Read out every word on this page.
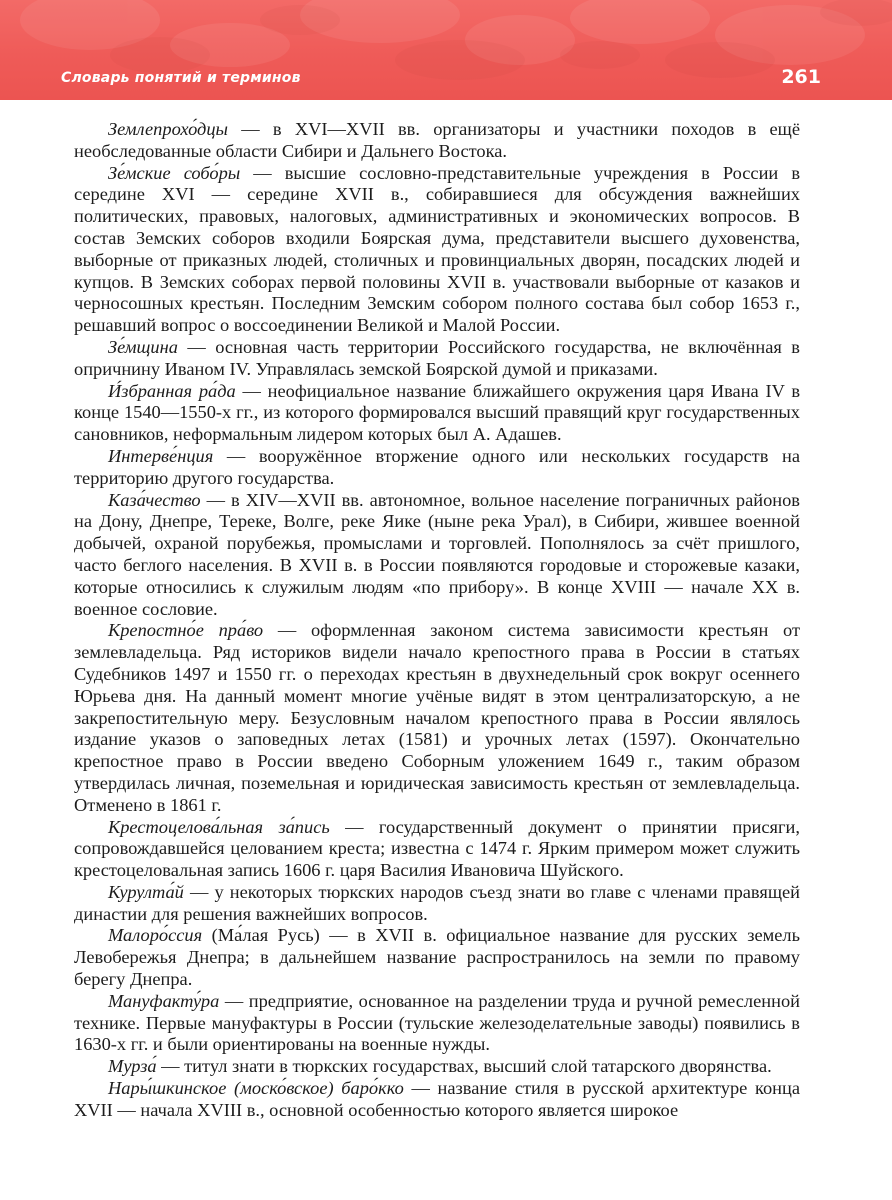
Словарь понятий и терминов	261

Землепрохо́дцы — в XVI—XVII вв. организаторы и участники походов в ещё необследованные области Сибири и Дальнего Востока.

Зе́мские собо́ры — высшие сословно-представительные учреждения в России в середине XVI — середине XVII в., собиравшиеся для обсуждения важнейших политических, правовых, налоговых, административных и экономических вопросов. В состав Земских соборов входили Боярская дума, представители высшего духовенства, выборные от приказных людей, столичных и провинциальных дворян, посадских людей и купцов. В Земских соборах первой половины XVII в. участвовали выборные от казаков и черносошных крестьян. Последним Земским собором полного состава был собор 1653 г., решавший вопрос о воссоединении Великой и Малой России.

Зе́мщина — основная часть территории Российского государства, не включённая в опричнину Иваном IV. Управлялась земской Боярской думой и приказами.

И́збранная ра́да — неофициальное название ближайшего окружения царя Ивана IV в конце 1540—1550-х гг., из которого формировался высший правящий круг государственных сановников, неформальным лидером которых был А. Адашев.

Интерве́нция — вооружённое вторжение одного или нескольких государств на территорию другого государства.

Каза́чество — в XIV—XVII вв. автономное, вольное население пограничных районов на Дону, Днепре, Тереке, Волге, реке Яике (ныне река Урал), в Сибири, жившее военной добычей, охраной порубежья, промыслами и торговлей. Пополнялось за счёт пришлого, часто беглого населения. В XVII в. в России появляются городовые и сторожевые казаки, которые относились к служилым людям «по прибору». В конце XVIII — начале XX в. военное сословие.

Крепостно́е пра́во — оформленная законом система зависимости крестьян от землевладельца. Ряд историков видели начало крепостного права в России в статьях Судебников 1497 и 1550 гг. о переходах крестьян в двухнедельный срок вокруг осеннего Юрьева дня. На данный момент многие учёные видят в этом централизаторскую, а не закрепостительную меру. Безусловным началом крепостного права в России являлось издание указов о заповедных летах (1581) и урочных летах (1597). Окончательно крепостное право в России введено Соборным уложением 1649 г., таким образом утвердилась личная, поземельная и юридическая зависимость крестьян от землевладельца. Отменено в 1861 г.

Крестоцелова́льная за́пись — государственный документ о принятии присяги, сопровождавшейся целованием креста; известна с 1474 г. Ярким примером может служить крестоцеловальная запись 1606 г. царя Василия Ивановича Шуйского.

Курулта́й — у некоторых тюркских народов съезд знати во главе с членами правящей династии для решения важнейших вопросов.

Малоро́ссия (Ма́лая Русь) — в XVII в. официальное название для русских земель Левобережья Днепра; в дальнейшем название распространилось на земли по правому берегу Днепра.

Мануфакту́ра — предприятие, основанное на разделении труда и ручной ремесленной технике. Первые мануфактуры в России (тульские железоделательные заводы) появились в 1630-х гг. и были ориентированы на военные нужды.

Мурза́ — титул знати в тюркских государствах, высший слой татарского дворянства.

Нары́шкинское (моско́вское) баро́кко — название стиля в русской архитектуре конца XVII — начала XVIII в., основной особенностью которого является широкое
